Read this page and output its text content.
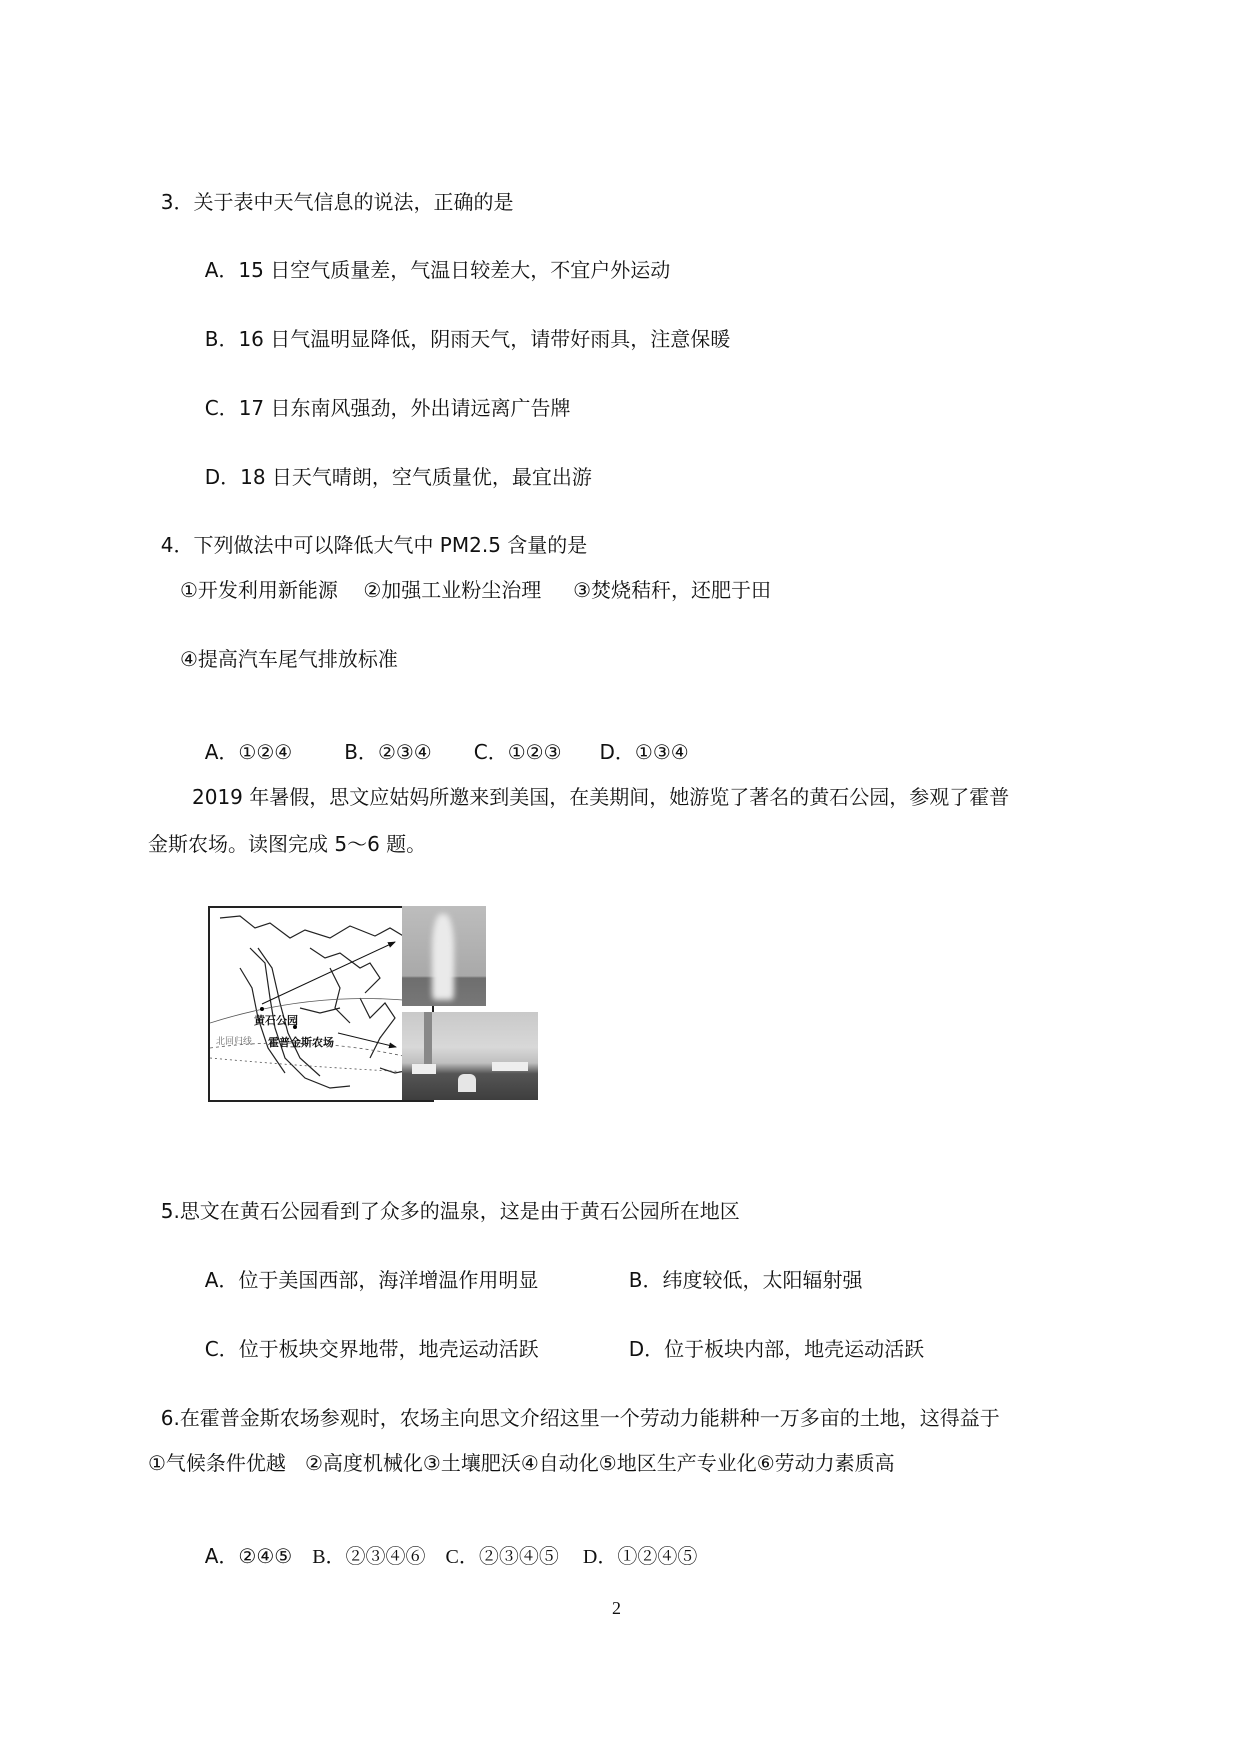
3．关于表中天气信息的说法，正确的是

A．15 日空气质量差，气温日较差大，不宜户外运动

B．16 日气温明显降低，阴雨天气，请带好雨具，注意保暖

C．17 日东南风强劲，外出请远离广告牌

D．18 日天气晴朗，空气质量优，最宜出游

4．下列做法中可以降低大气中 PM2.5 含量的是

①开发利用新能源    ②加强工业粉尘治理     ③焚烧秸秆，还肥于田
④提高汽车尾气排放标准

A．①②④	B．②③④ C．①②③ D．①③④

2019 年暑假，思文应姑妈所邀来到美国，在美期间，她游览了著名的黄石公园，参观了霍普
金斯农场。读图完成 5～6 题。
黄石公园
霍普金斯农场
北回归线

5.思文在黄石公园看到了众多的温泉，这是由于黄石公园所在地区

A．位于美国西部，海洋增温作用明显	B．纬度较低，太阳辐射强

C．位于板块交界地带，地壳运动活跃	D．位于板块内部，地壳运动活跃

6.在霍普金斯农场参观时，农场主向思文介绍这里一个劳动力能耕种一万多亩的土地，这得益于

①气候条件优越   ②高度机械化③土壤肥沃④自动化⑤地区生产专业化⑥劳动力素质高

A．②④⑤ B．②③④⑥ C．②③④⑤ D．①②④⑤

2
